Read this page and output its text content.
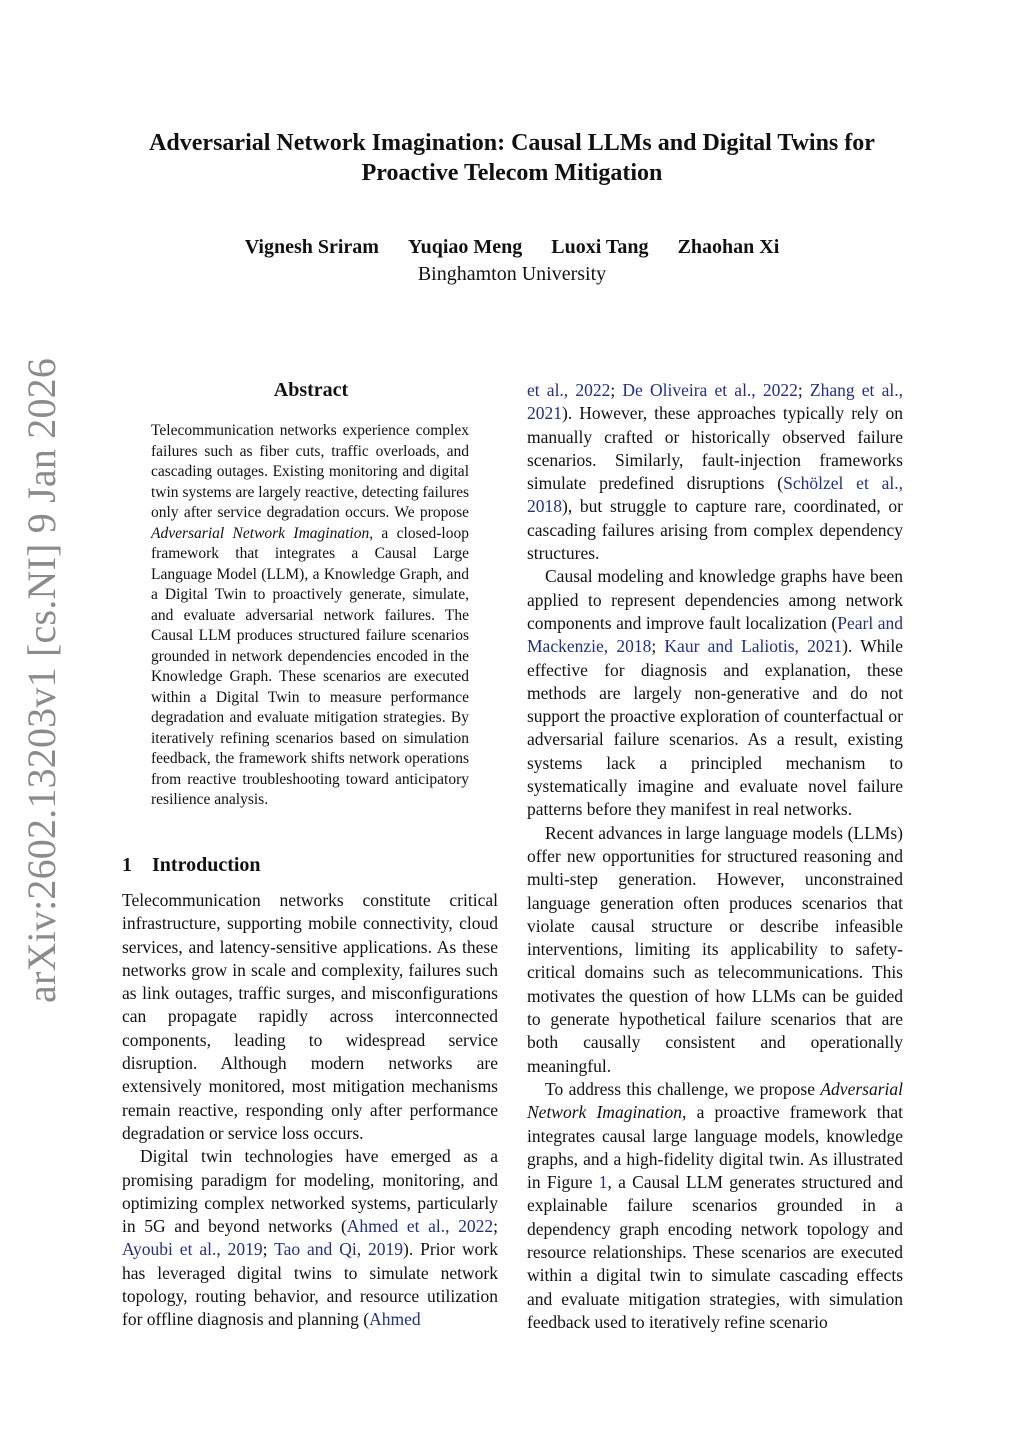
Adversarial Network Imagination: Causal LLMs and Digital Twins for Proactive Telecom Mitigation
Vignesh Sriram Yuqiao Meng Luoxi Tang Zhaohan Xi
Binghamton University
arXiv:2602.13203v1 [cs.NI] 9 Jan 2026	Abstract
Telecommunication networks experience complex failures such as fiber cuts, traffic overloads, and cascading outages. Existing monitoring and digital twin systems are largely reactive, detecting failures only after service degradation occurs. We propose Adversarial Network Imagination, a closed-loop framework that integrates a Causal Large Language Model (LLM), a Knowledge Graph, and a Digital Twin to proactively generate, simulate, and evaluate adversarial network failures. The Causal LLM produces structured failure scenarios grounded in network dependencies encoded in the Knowledge Graph. These scenarios are executed within a Digital Twin to measure performance degradation and evaluate mitigation strategies. By iteratively refining scenarios based on simulation feedback, the framework shifts network operations from reactive troubleshooting toward anticipatory resilience analysis.
1 Introduction

Telecommunication networks constitute critical infrastructure, supporting mobile connectivity, cloud services, and latency-sensitive applications. As these networks grow in scale and complexity, failures such as link outages, traffic surges, and misconfigurations can propagate rapidly across interconnected components, leading to widespread service disruption. Although modern networks are extensively monitored, most mitigation mechanisms remain reactive, responding only after performance degradation or service loss occurs.

Digital twin technologies have emerged as a promising paradigm for modeling, monitoring, and optimizing complex networked systems, particularly in 5G and beyond networks (Ahmed et al., 2022; Ayoubi et al., 2019; Tao and Qi, 2019). Prior work has leveraged digital twins to simulate network topology, routing behavior, and resource utilization for offline diagnosis and planning (Ahmed

et al., 2022; De Oliveira et al., 2022; Zhang et al., 2021). However, these approaches typically rely on manually crafted or historically observed failure scenarios. Similarly, fault-injection frameworks simulate predefined disruptions (Schölzel et al., 2018), but struggle to capture rare, coordinated, or cascading failures arising from complex dependency structures.

Causal modeling and knowledge graphs have been applied to represent dependencies among network components and improve fault localization (Pearl and Mackenzie, 2018; Kaur and Laliotis, 2021). While effective for diagnosis and explanation, these methods are largely non-generative and do not support the proactive exploration of counterfactual or adversarial failure scenarios. As a result, existing systems lack a principled mechanism to systematically imagine and evaluate novel failure patterns before they manifest in real networks.

Recent advances in large language models (LLMs) offer new opportunities for structured reasoning and multi-step generation. However, unconstrained language generation often produces scenarios that violate causal structure or describe infeasible interventions, limiting its applicability to safety-critical domains such as telecommunications. This motivates the question of how LLMs can be guided to generate hypothetical failure scenarios that are both causally consistent and operationally meaningful.

To address this challenge, we propose Adversarial Network Imagination, a proactive framework that integrates causal large language models, knowledge graphs, and a high-fidelity digital twin. As illustrated in Figure 1, a Causal LLM generates structured and explainable failure scenarios grounded in a dependency graph encoding network topology and resource relationships. These scenarios are executed within a digital twin to simulate cascading effects and evaluate mitigation strategies, with simulation feedback used to iteratively refine scenario
